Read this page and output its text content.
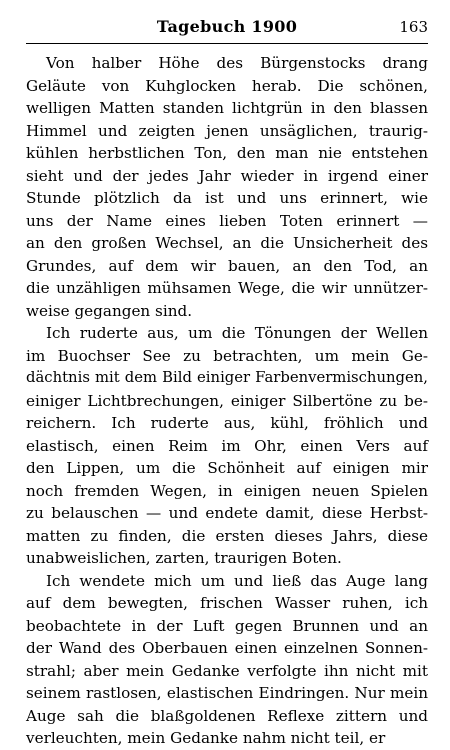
Tagebuch 1900	163
Von halber Höhe des Bürgenstocks drang
Geläute von Kuhglocken herab. Die schönen,
welligen Matten standen lichtgrün in den blassen
Himmel und zeigten jenen unsäglichen, traurig-
kühlen herbstlichen Ton, den man nie entstehen
sieht und der jedes Jahr wieder in irgend einer
Stunde plötzlich da ist und uns erinnert, wie
uns der Name eines lieben Toten erinnert —
an den großen Wechsel, an die Unsicherheit des
Grundes, auf dem wir bauen, an den Tod, an
die unzähligen mühsamen Wege, die wir unnützer-
weise gegangen sind.
Ich ruderte aus, um die Tönungen der Wellen
im Buochser See zu betrachten, um mein Ge-
dächtnis mit dem Bild einiger Farbenvermischungen,
einiger Lichtbrechungen, einiger Silbertöne zu be-
reichern. Ich ruderte aus, kühl, fröhlich und
elastisch, einen Reim im Ohr, einen Vers auf
den Lippen, um die Schönheit auf einigen mir
noch fremden Wegen, in einigen neuen Spielen
zu belauschen — und endete damit, diese Herbst-
matten zu finden, die ersten dieses Jahrs, diese
unabweislichen, zarten, traurigen Boten.
Ich wendete mich um und ließ das Auge lang
auf dem bewegten, frischen Wasser ruhen, ich
beobachtete in der Luft gegen Brunnen und an
der Wand des Oberbauen einen einzelnen Sonnen-
strahl; aber mein Gedanke verfolgte ihn nicht mit
seinem rastlosen, elastischen Eindringen. Nur mein
Auge sah die blaßgoldenen Reflexe zittern und
verleuchten, mein Gedanke nahm nicht teil, er
